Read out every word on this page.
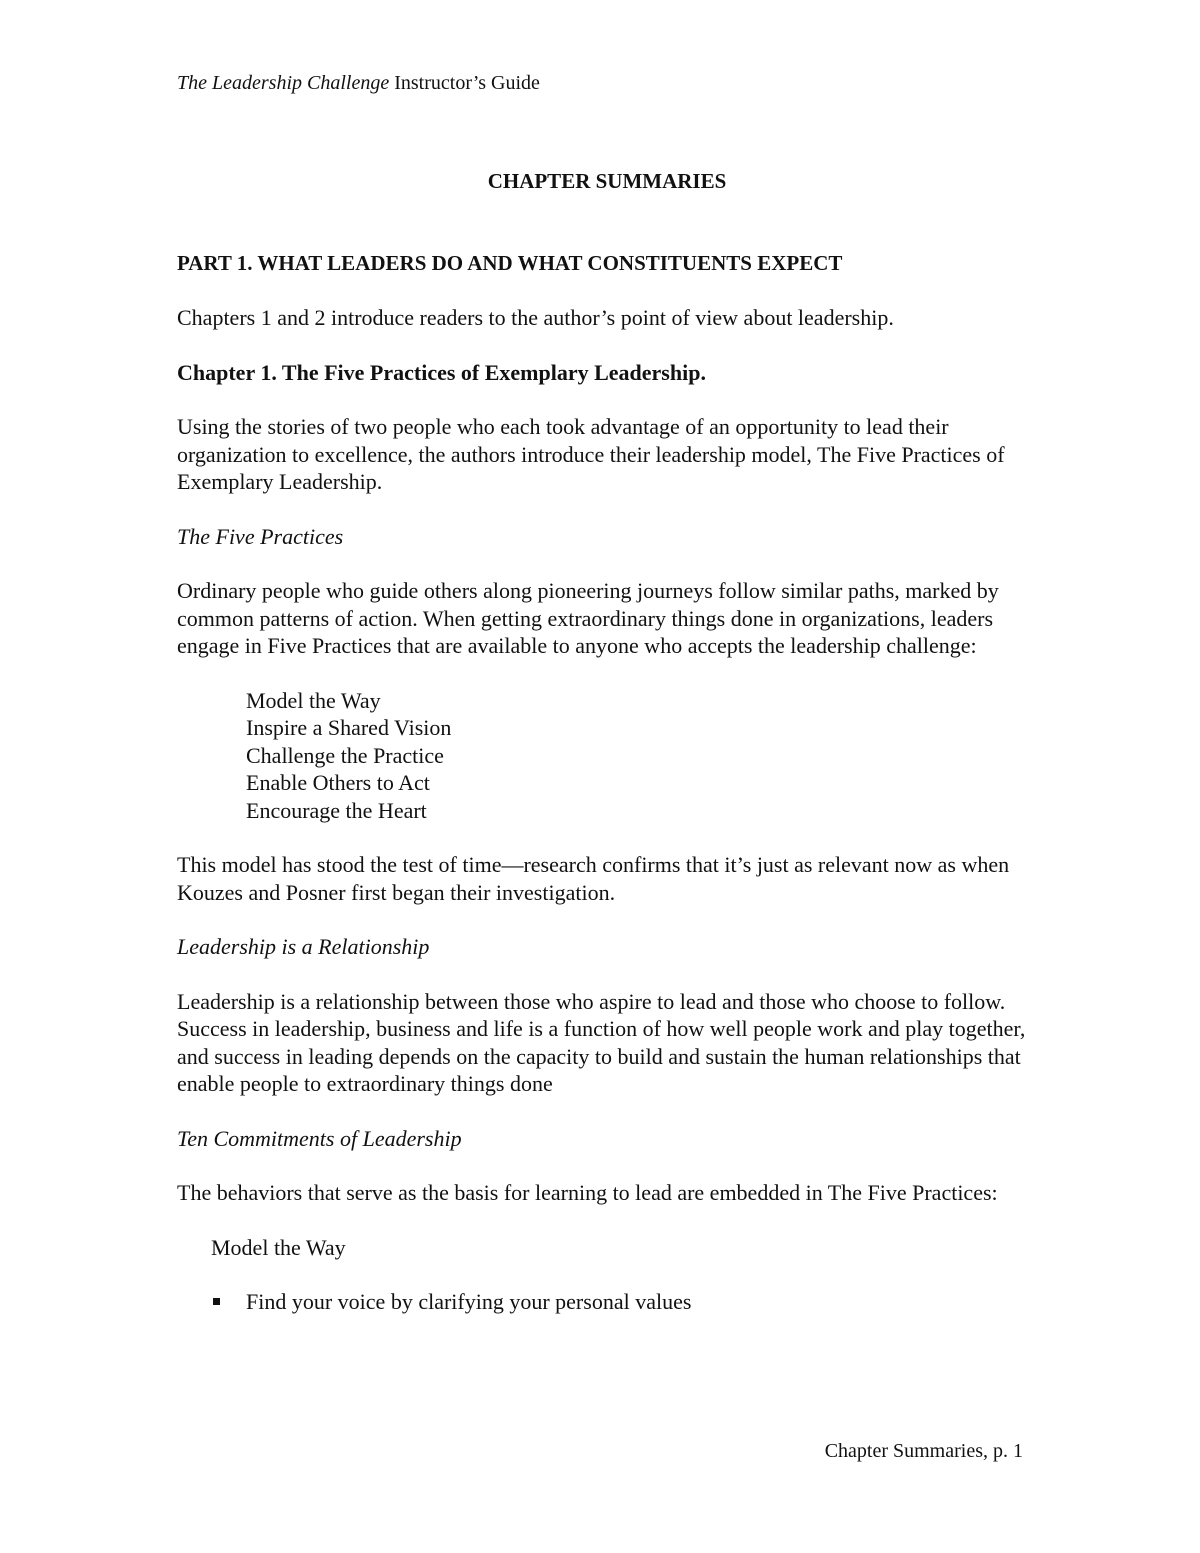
The Leadership Challenge Instructor’s Guide

CHAPTER SUMMARIES

PART 1. WHAT LEADERS DO AND WHAT CONSTITUENTS EXPECT

Chapters 1 and 2 introduce readers to the author’s point of view about leadership.

Chapter 1. The Five Practices of Exemplary Leadership.

Using the stories of two people who each took advantage of an opportunity to lead their organization to excellence, the authors introduce their leadership model, The Five Practices of Exemplary Leadership.

The Five Practices

Ordinary people who guide others along pioneering journeys follow similar paths, marked by common patterns of action. When getting extraordinary things done in organizations, leaders engage in Five Practices that are available to anyone who accepts the leadership challenge:

Model the Way
Inspire a Shared Vision
Challenge the Practice
Enable Others to Act
Encourage the Heart

This model has stood the test of time—research confirms that it’s just as relevant now as when Kouzes and Posner first began their investigation.

Leadership is a Relationship

Leadership is a relationship between those who aspire to lead and those who choose to follow. Success in leadership, business and life is a function of how well people work and play together, and success in leading depends on the capacity to build and sustain the human relationships that enable people to extraordinary things done

Ten Commitments of Leadership

The behaviors that serve as the basis for learning to lead are embedded in The Five Practices:

Model the Way

Find your voice by clarifying your personal values
Chapter Summaries, p. 1
